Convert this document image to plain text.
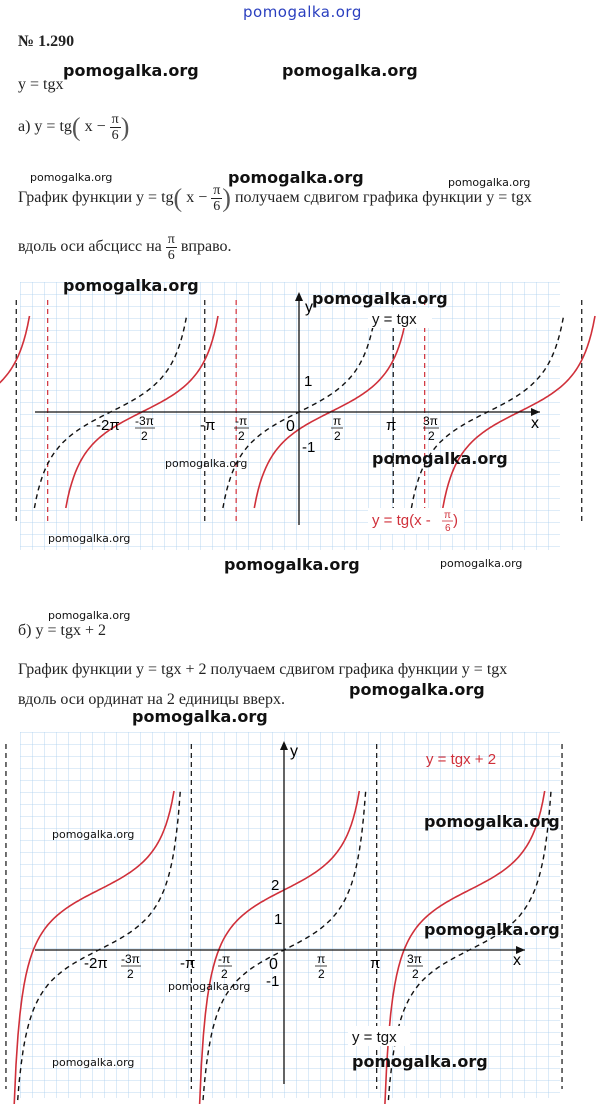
pomogalka.org
№ 1.290
y = tgx
pomogalka.org	pomogalka.org
а) y = tg( $x - \frac{\pi}{6}$ )
pomogalka.org	pomogalka.org	pomogalka.org
График функции y = tg( $x - \frac{\pi}{6}$ ) получаем сдвигом графика функции y = tgx
вдоль оси абсцисс на $\frac{\pi}{6}$ вправо.
x
y
-2π -3π
2
-π -π
2
0	π
2
π 3π
2
1
-1
y = tgx
y = tg(x - π
6 )
pomogalka.org
pomogalka.org
pomogalka.org	pomogalka.org
pomogalka.org
pomogalka.org	pomogalka.org
pomogalka.org
б) y = tgx + 2
График функции y = tgx + 2 получаем сдвигом графика функции y = tgx
pomogalka.org
вдоль оси ординат на 2 единицы вверх.
pomogalka.org
x
y
-2π -3π
2
-π -π
2
0	π
2
π 3π
2
2
1
-1
y = tgx + 2
y = tgx
pomogalka.org
pomogalka.org
pomogalka.org
pomogalka.org
pomogalka.org	pomogalka.org
